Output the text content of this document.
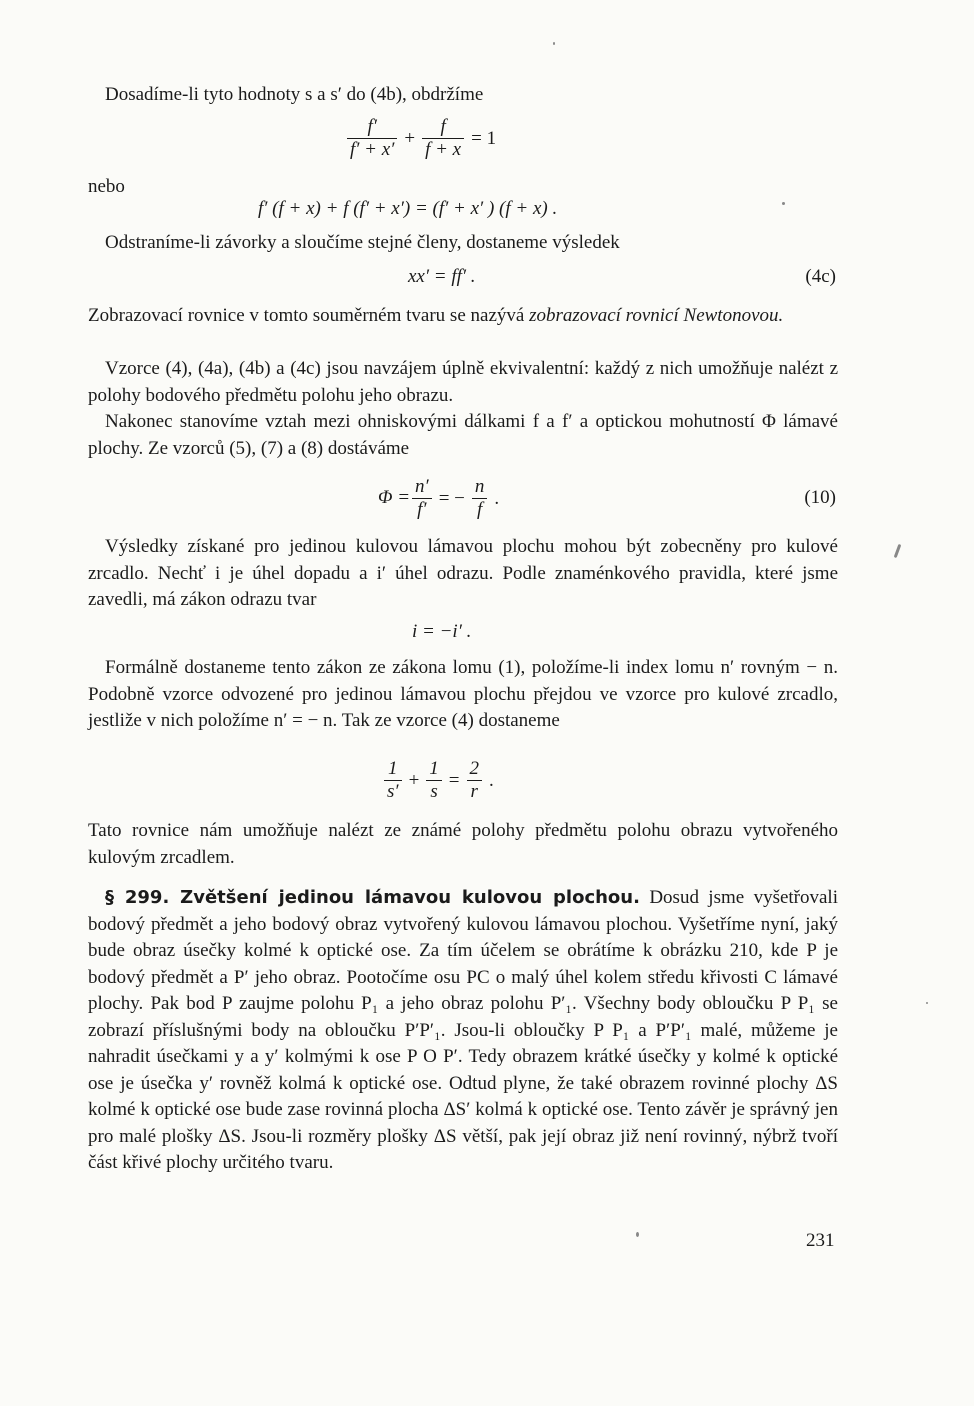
Dosadíme-li tyto hodnoty s a s′ do (4b), obdržíme

$\frac{f'}{f' + x'} + \frac{f}{f + x} = 1$

nebo

f′ (f + x) + f (f′ + x′) = (f′ + x′ ) (f + x) .

Odstraníme-li závorky a sloučíme stejné členy, dostaneme výsledek

xx′ = ff′ .	(4c)

Zobrazovací rovnice v tomto souměrném tvaru se nazývá zobrazovací rovnicí Newtonovou.

Vzorce (4), (4a), (4b) a (4c) jsou navzájem úplně ekvivalentní: každý z nich umožňuje nalézt z polohy bodového předmětu polohu jeho obrazu.

Nakonec stanovíme vztah mezi ohniskovými dálkami f a f′ a optickou mohutností Φ lámavé plochy. Ze vzorců (5), (7) a (8) dostáváme

$\Phi = \frac{n'}{f'}$ = − $\frac{n}{f}$ .	(10)

Výsledky získané pro jedinou kulovou lámavou plochu mohou být zobecněny pro kulové zrcadlo. Nechť i je úhel dopadu a i′ úhel odrazu. Podle znaménkového pravidla, které jsme zavedli, má zákon odrazu tvar

i = −i′ .

Formálně dostaneme tento zákon ze zákona lomu (1), položíme-li index lomu n′ rovným − n. Podobně vzorce odvozené pro jedinou lámavou plochu přejdou ve vzorce pro kulové zrcadlo, jestliže v nich položíme n′ = − n. Tak ze vzorce (4) dostaneme

$\frac{1}{s'} + \frac{1}{s} = \frac{2}{r}$ .

Tato rovnice nám umožňuje nalézt ze známé polohy předmětu polohu obrazu vytvořeného kulovým zrcadlem.

§ 299. Zvětšení jedinou lámavou kulovou plochou. Dosud jsme vyšetřovali bodový předmět a jeho bodový obraz vytvořený kulovou lámavou plochou. Vyšetříme nyní, jaký bude obraz úsečky kolmé k optické ose. Za tím účelem se obrátíme k obrázku 210, kde P je bodový předmět a P′ jeho obraz. Pootočíme osu PC o malý úhel kolem středu křivosti C lámavé plochy. Pak bod P zaujme polohu P₁ a jeho obraz polohu P′₁. Všechny body obloučku P P₁ se zobrazí příslušnými body na obloučku P′P′₁. Jsou-li obloučky P P₁ a P′P′₁ malé, můžeme je nahradit úsečkami y a y′ kolmými k ose P O P′. Tedy obrazem krátké úsečky y kolmé k optické ose je úsečka y′ rovněž kolmá k optické ose. Odtud plyne, že také obrazem rovinné plochy ΔS kolmé k optické ose bude zase rovinná plocha ΔS′ kolmá k optické ose. Tento závěr je správný jen pro malé plošky ΔS. Jsou-li rozměry plošky ΔS větší, pak její obraz již není rovinný, nýbrž tvoří část křivé plochy určitého tvaru.

231
